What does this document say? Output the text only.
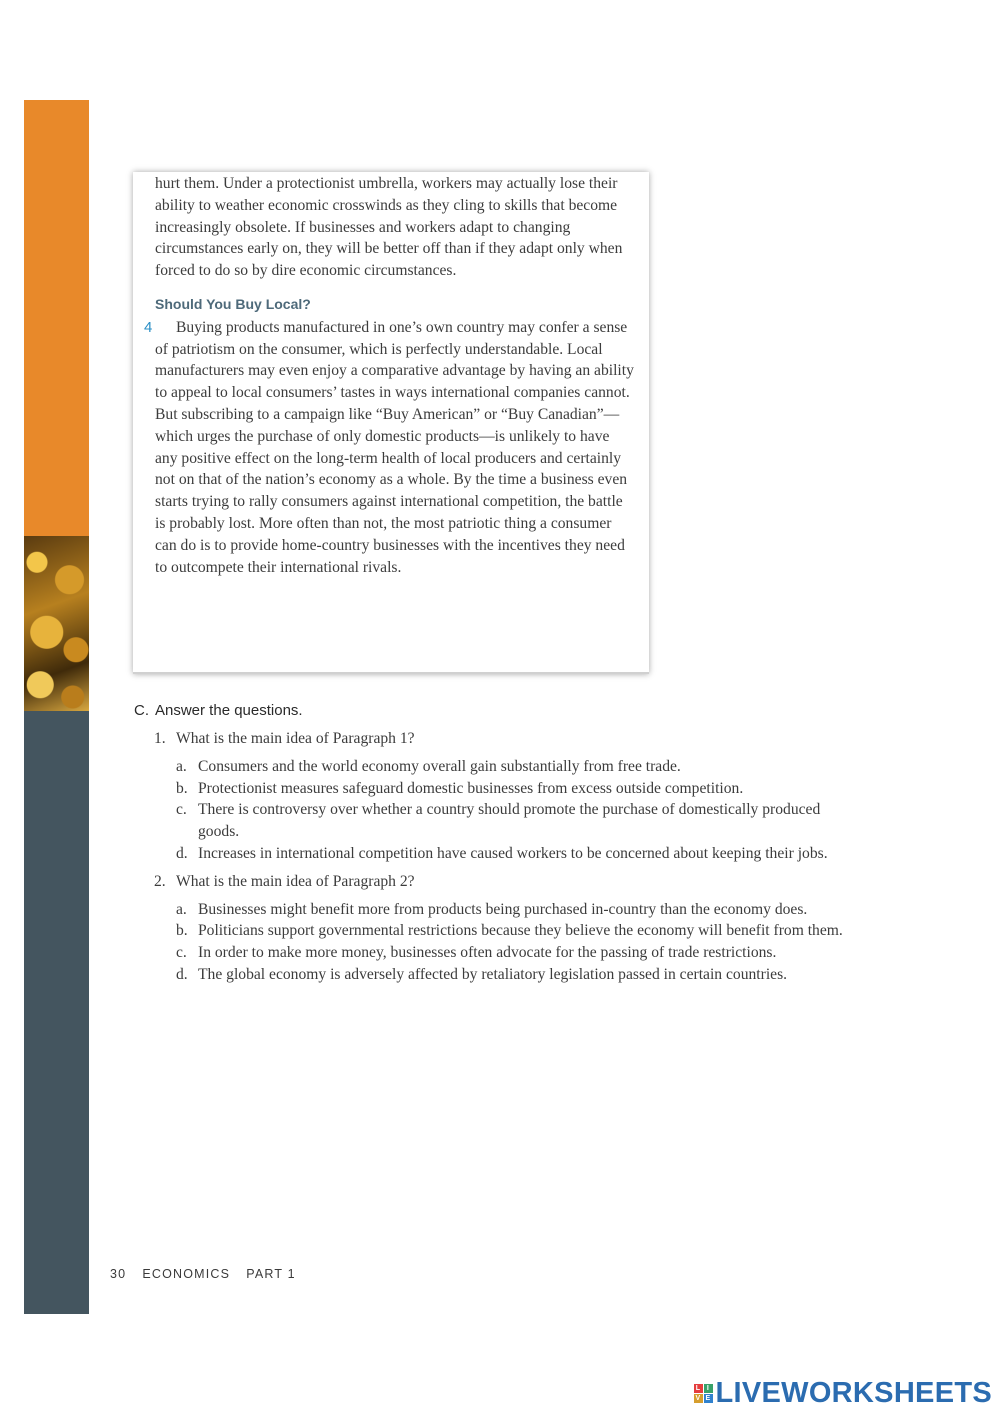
hurt them. Under a protectionist umbrella, workers may actually lose their ability to weather economic crosswinds as they cling to skills that become increasingly obsolete. If businesses and workers adapt to changing circumstances early on, they will be better off than if they adapt only when forced to do so by dire economic circumstances.

Should You Buy Local?

4 Buying products manufactured in one’s own country may confer a sense of patriotism on the consumer, which is perfectly understandable. Local manufacturers may even enjoy a comparative advantage by having an ability to appeal to local consumers’ tastes in ways international companies cannot. But subscribing to a campaign like “Buy American” or “Buy Canadian”—which urges the purchase of only domestic products—is unlikely to have any positive effect on the long-term health of local producers and certainly not on that of the nation’s economy as a whole. By the time a business even starts trying to rally consumers against international competition, the battle is probably lost. More often than not, the most patriotic thing a consumer can do is to provide home-country businesses with the incentives they need to outcompete their international rivals.

C. Answer the questions.
1. What is the main idea of Paragraph 1?
a. Consumers and the world economy overall gain substantially from free trade.
b. Protectionist measures safeguard domestic businesses from excess outside competition.
c. There is controversy over whether a country should promote the purchase of domestically produced goods.
d. Increases in international competition have caused workers to be concerned about keeping their jobs.
2. What is the main idea of Paragraph 2?
a. Businesses might benefit more from products being purchased in-country than the economy does.
b. Politicians support governmental restrictions because they believe the economy will benefit from them.
c. In order to make more money, businesses often advocate for the passing of trade restrictions.
d. The global economy is adversely affected by retaliatory legislation passed in certain countries.
30 ECONOMICS PART 1
L I
V E LIVEWORKSHEETS
